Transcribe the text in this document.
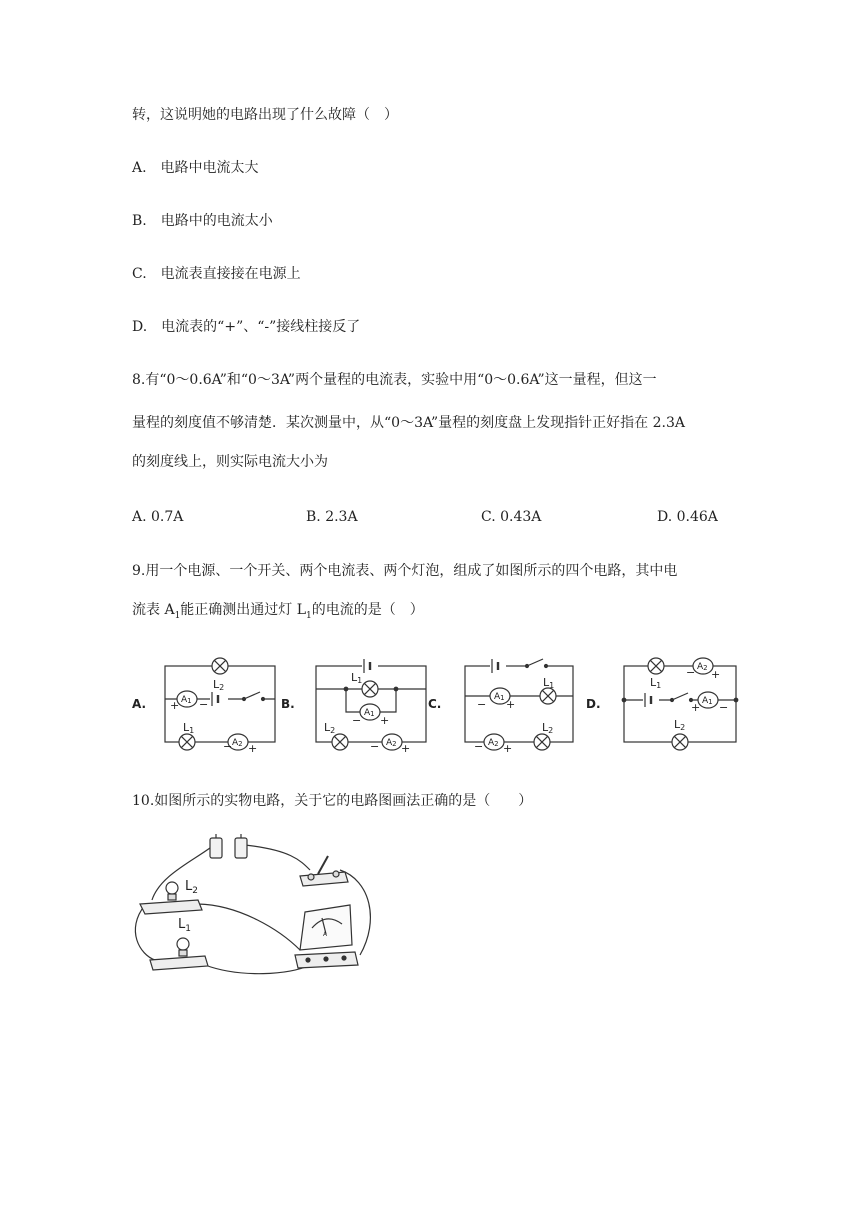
转，这说明她的电路出现了什么故障（　）
A.　电路中电流太大
B.　电路中的电流太小
C.　电流表直接接在电源上
D.　电流表的“+”、“-”接线柱接反了
8.有“0～0.6A”和“0～3A”两个量程的电流表，实验中用“0～0.6A”这一量程，但这一
量程的刻度值不够清楚．某次测量中，从“0～3A”量程的刻度盘上发现指针正好指在 2.3A
的刻度线上，则实际电流大小为
A. 0.7A	B. 2.3A	C. 0.43A	D. 0.46A
9.用一个电源、一个开关、两个电流表、两个灯泡，组成了如图所示的四个电路，其中电
流表 $A_1$能正确测出通过灯 $L_1$的电流的是（　）
A.	B.	C.	D.
L2
A1
+ −
L1
A2
− +
L1
A1
− +
L2
A2
− +
L1
A1
− +
L2
A2
− +
A2
− +
L1
A1
+ −
L2
$L_2$
$L_1$
A
10.如图所示的实物电路，关于它的电路图画法正确的是（　　）
